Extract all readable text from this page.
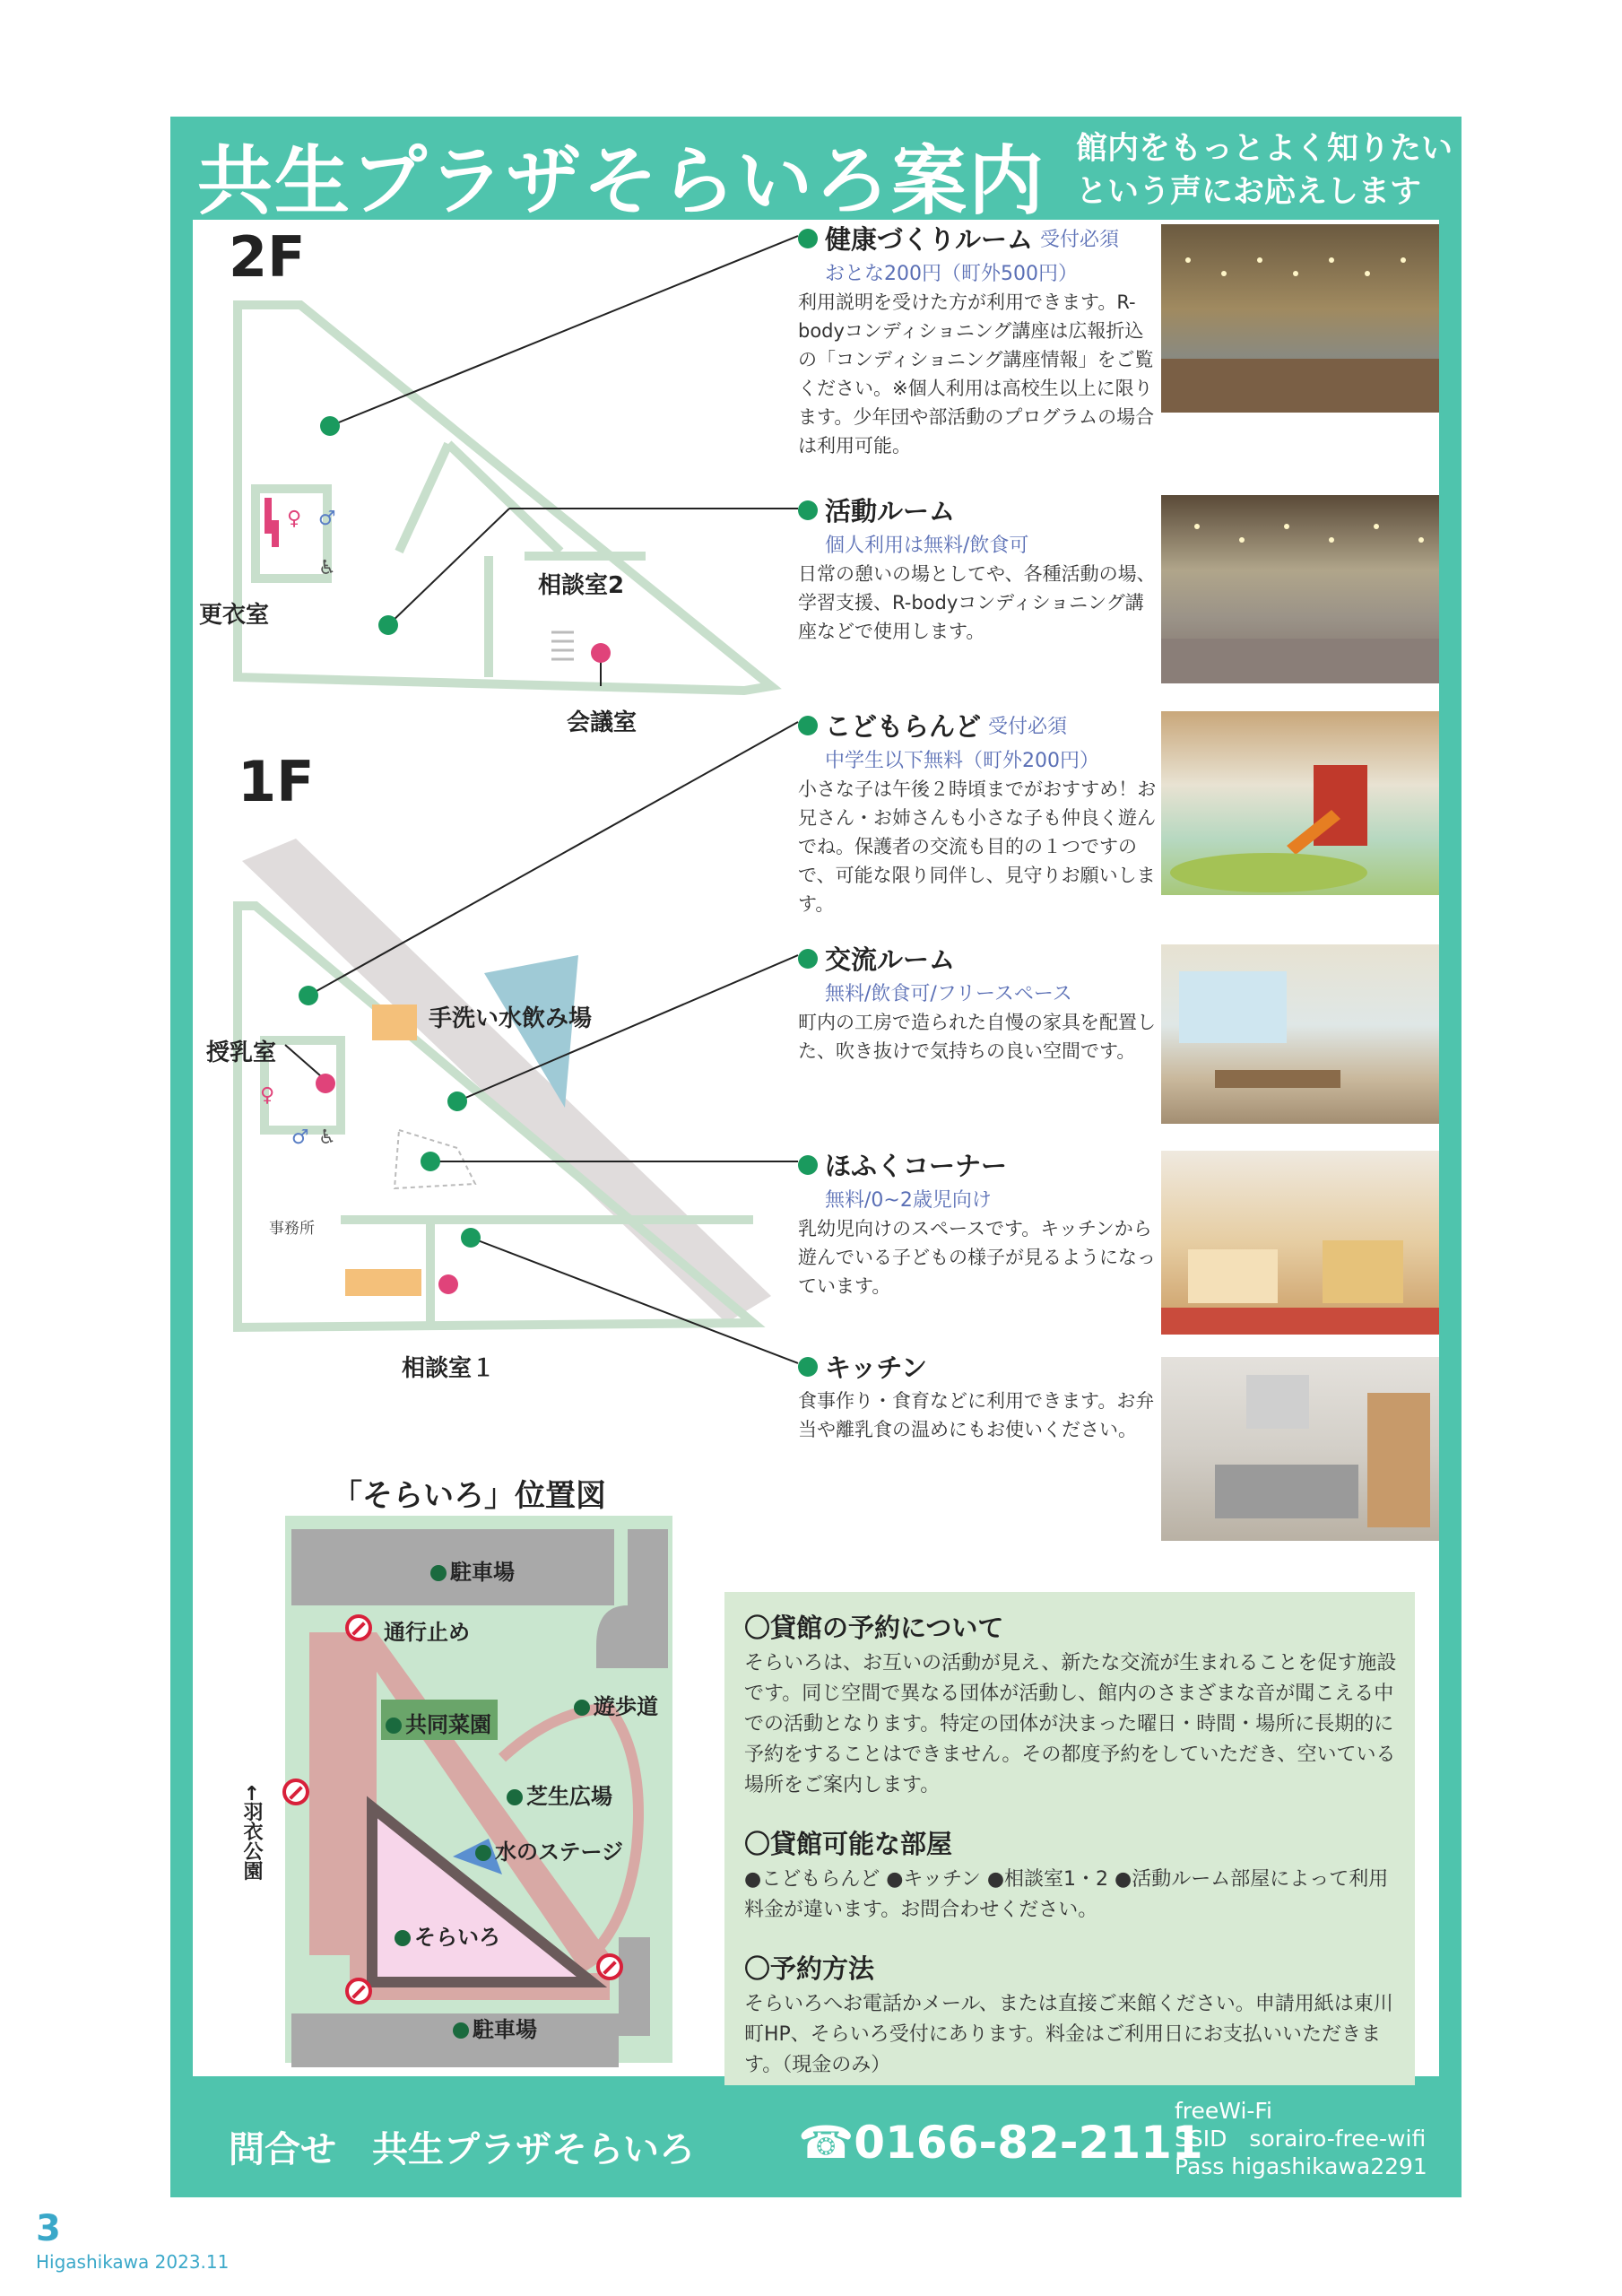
共生プラザそらいろ案内 館内をもっとよく知りたい
という声にお応えします
♀ ♂
♿
♀
♂ ♿
2F
1F
更衣室
相談室2
会議室
手洗い水飲み場
授乳室
事務所
相談室１
健康づくりルーム 受付必須
おとな200円（町外500円）
利用説明を受けた方が利用できます。R-bodyコンディショニング講座は広報折込の「コンディショニング講座情報」をご覧ください。※個人利用は高校生以上に限ります。少年団や部活動のプログラムの場合は利用可能。
活動ルーム
個人利用は無料/飲食可
日常の憩いの場としてや、各種活動の場、学習支援、R-bodyコンディショニング講座などで使用します。
こどもらんど 受付必須
中学生以下無料（町外200円）
小さな子は午後２時頃までがおすすめ！お兄さん・お姉さんも小さな子も仲良く遊んでね。保護者の交流も目的の１つですので、可能な限り同伴し、見守りお願いします。
交流ルーム
無料/飲食可/フリースペース
町内の工房で造られた自慢の家具を配置した、吹き抜けで気持ちの良い空間です。
ほふくコーナー
無料/0~2歳児向け
乳幼児向けのスペースです。キッチンから遊んでいる子どもの様子が見るようになっています。
キッチン
食事作り・食育などに利用できます。お弁当や離乳食の温めにもお使いください。
「そらいろ」位置図
駐車場
通行止め
共同菜園
遊歩道
芝生広場
水のステージ
そらいろ
駐車場
←羽衣公園
〇貸館の予約について

そらいろは、お互いの活動が見え、新たな交流が生まれることを促す施設です。同じ空間で異なる団体が活動し、館内のさまざまな音が聞こえる中での活動となります。特定の団体が決まった曜日・時間・場所に長期的に予約をすることはできません。その都度予約をしていただき、空いている場所をご案内します。

〇貸館可能な部屋

●こどもらんど ●キッチン ●相談室1・2 ●活動ルーム部屋によって利用料金が違います。お問合わせください。

〇予約方法

そらいろへお電話かメール、または直接ご来館ください。申請用紙は東川町HP、そらいろ受付にあります。料金はご利用日にお支払いいただきます。（現金のみ）

問合せ　共生プラザそらいろ ☎0166-82-2111
freeWi-Fi
SSID　sorairo-free-wifi
Pass higashikawa2291
3
Higashikawa 2023.11
